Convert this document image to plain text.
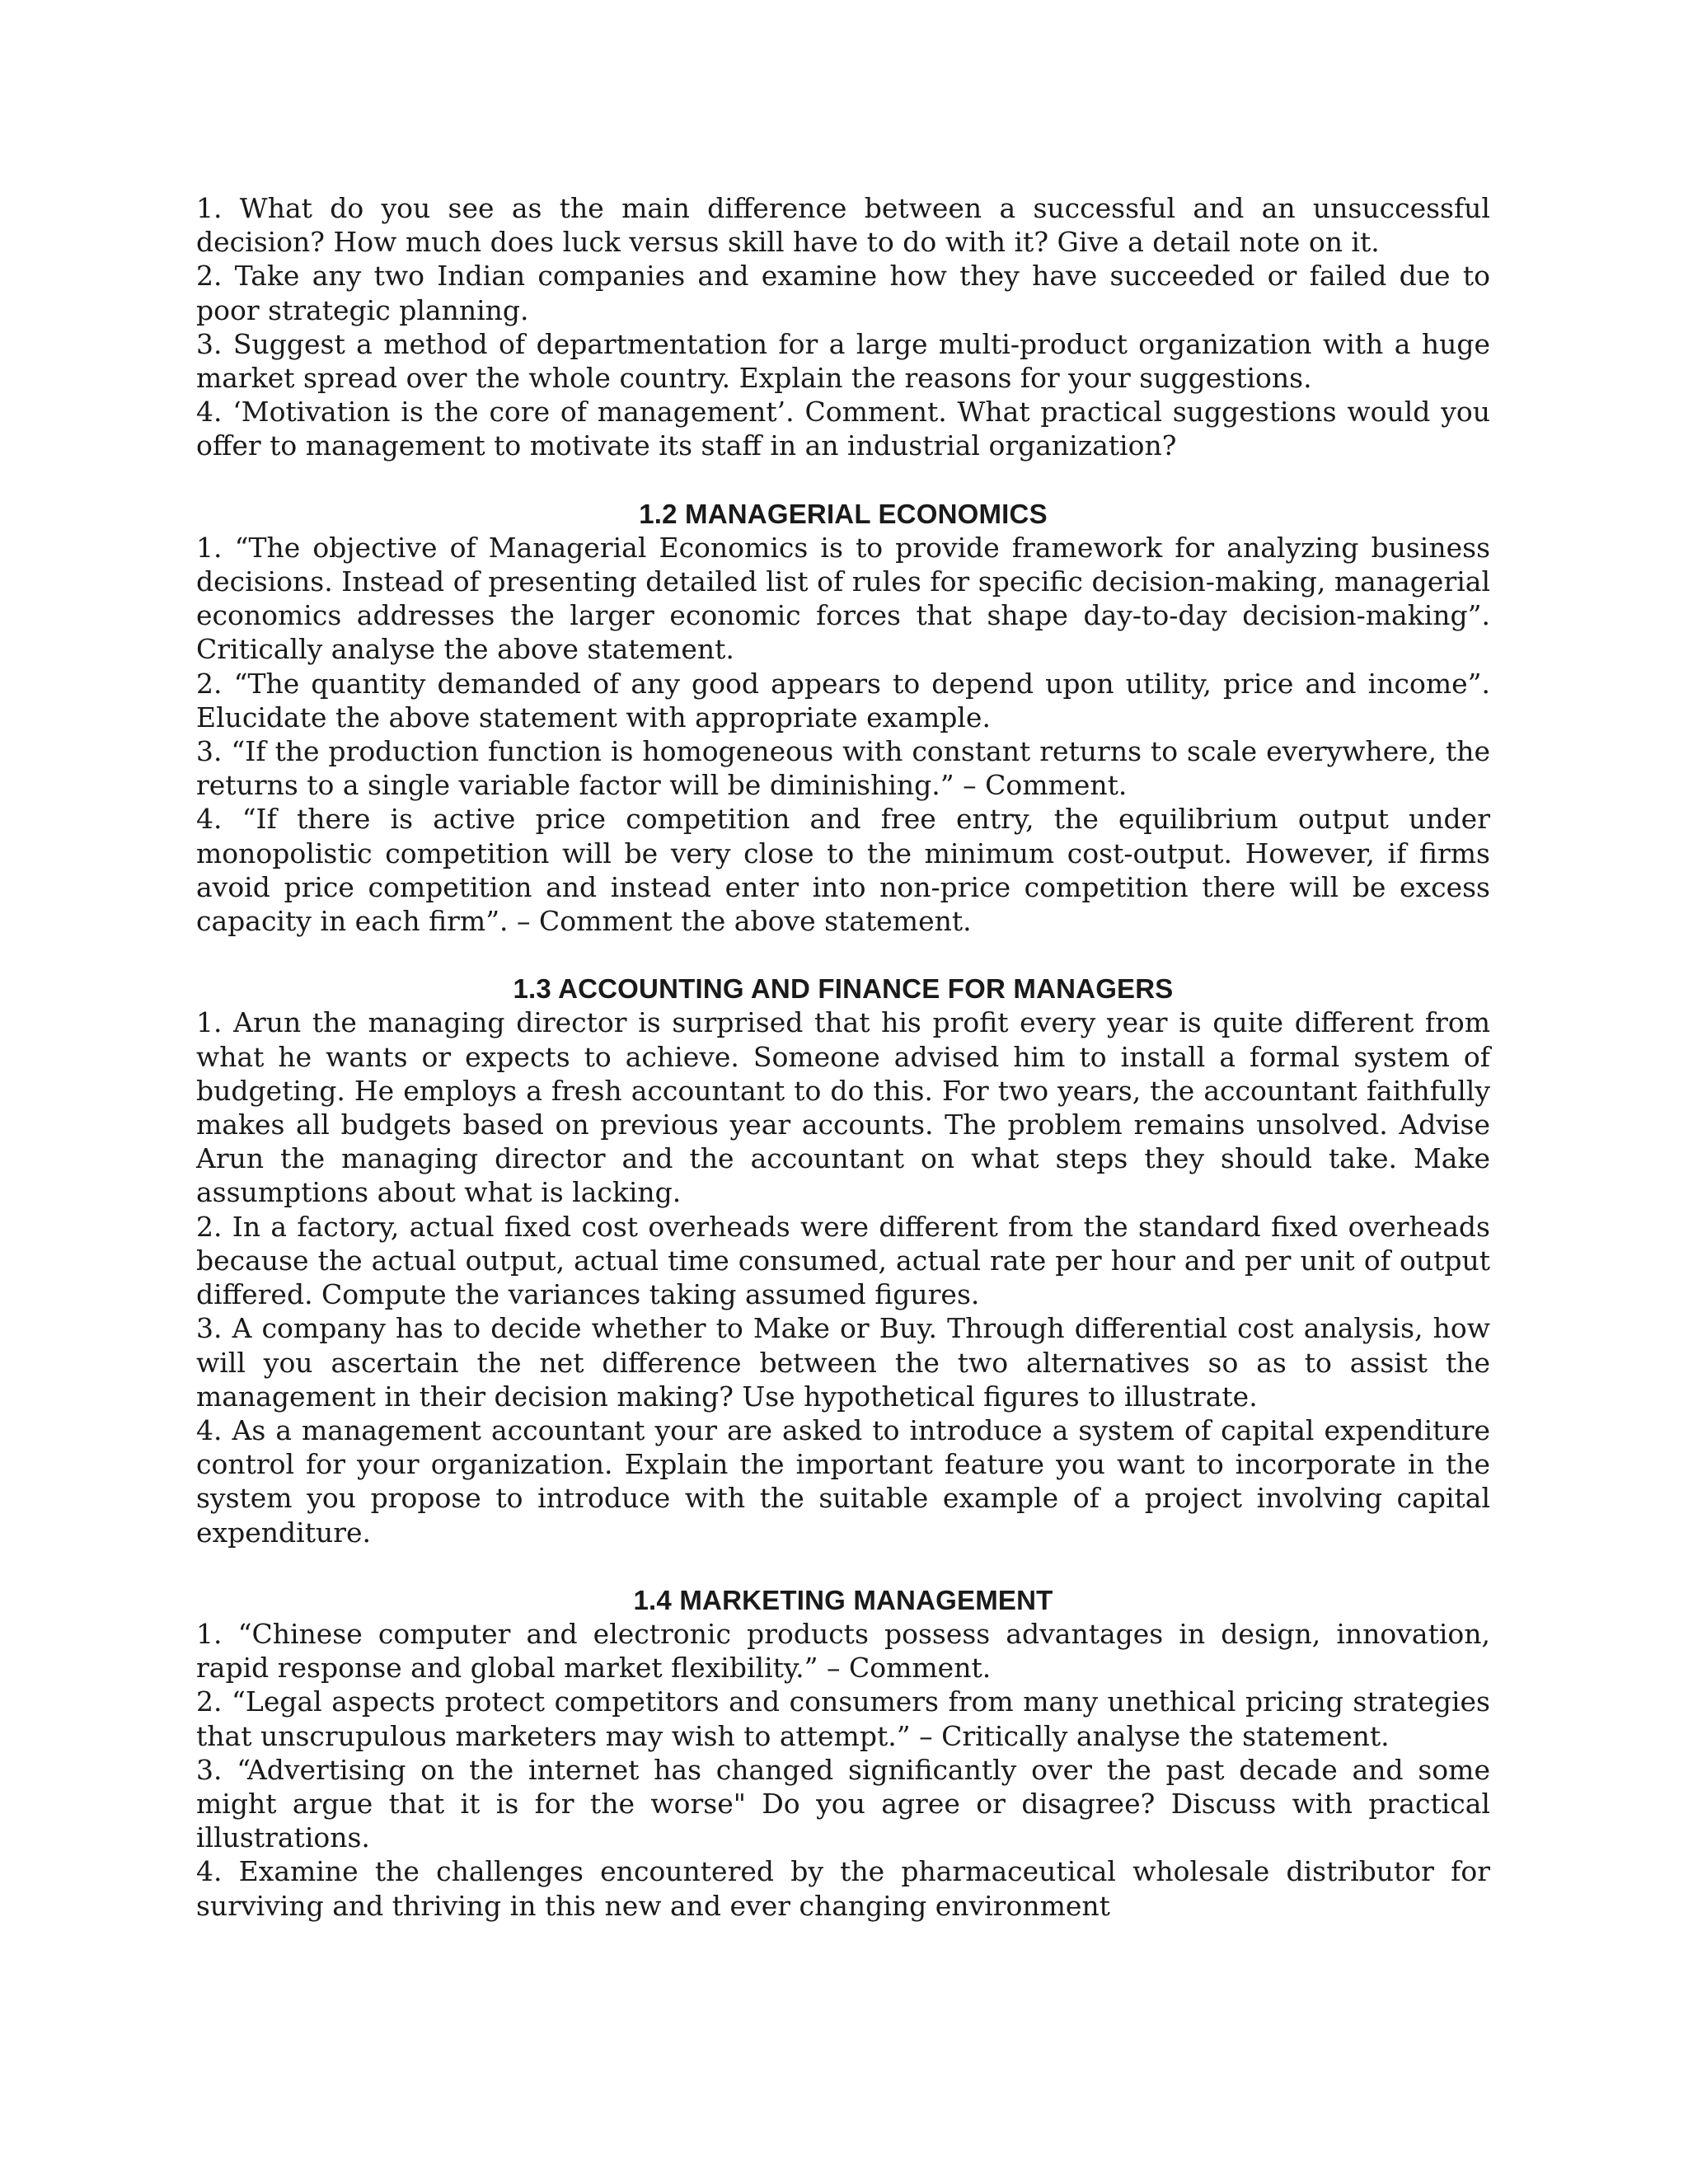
1. What do you see as the main difference between a successful and an unsuccessful decision? How much does luck versus skill have to do with it? Give a detail note on it.

2. Take any two Indian companies and examine how they have succeeded or failed due to poor strategic planning.

3. Suggest a method of departmentation for a large multi-product organization with a huge market spread over the whole country. Explain the reasons for your suggestions.

4. ‘Motivation is the core of management’. Comment. What practical suggestions would you offer to management to motivate its staff in an industrial organization?

1.2 MANAGERIAL ECONOMICS

1. “The objective of Managerial Economics is to provide framework for analyzing business decisions. Instead of presenting detailed list of rules for specific decision-making, managerial economics addresses the larger economic forces that shape day-to-day decision-making”. Critically analyse the above statement.

2. “The quantity demanded of any good appears to depend upon utility, price and income”. Elucidate the above statement with appropriate example.

3. “If the production function is homogeneous with constant returns to scale everywhere, the returns to a single variable factor will be diminishing.” – Comment.

4. “If there is active price competition and free entry, the equilibrium output under monopolistic competition will be very close to the minimum cost-output. However, if firms avoid price competition and instead enter into non-price competition there will be excess capacity in each firm”. – Comment the above statement.

1.3 ACCOUNTING AND FINANCE FOR MANAGERS

1. Arun the managing director is surprised that his profit every year is quite different from what he wants or expects to achieve. Someone advised him to install a formal system of budgeting. He employs a fresh accountant to do this. For two years, the accountant faithfully makes all budgets based on previous year accounts. The problem remains unsolved. Advise Arun the managing director and the accountant on what steps they should take. Make assumptions about what is lacking.

2. In a factory, actual fixed cost overheads were different from the standard fixed overheads because the actual output, actual time consumed, actual rate per hour and per unit of output differed. Compute the variances taking assumed figures.

3. A company has to decide whether to Make or Buy. Through differential cost analysis, how will you ascertain the net difference between the two alternatives so as to assist the management in their decision making? Use hypothetical figures to illustrate.

4. As a management accountant your are asked to introduce a system of capital expenditure control for your organization. Explain the important feature you want to incorporate in the system you propose to introduce with the suitable example of a project involving capital expenditure.

1.4 MARKETING MANAGEMENT

1. “Chinese computer and electronic products possess advantages in design, innovation, rapid response and global market flexibility.” – Comment.

2. “Legal aspects protect competitors and consumers from many unethical pricing strategies that unscrupulous marketers may wish to attempt.” – Critically analyse the statement.

3. “Advertising on the internet has changed significantly over the past decade and some might argue that it is for the worse" Do you agree or disagree? Discuss with practical illustrations.

4. Examine the challenges encountered by the pharmaceutical wholesale distributor for surviving and thriving in this new and ever changing environment
